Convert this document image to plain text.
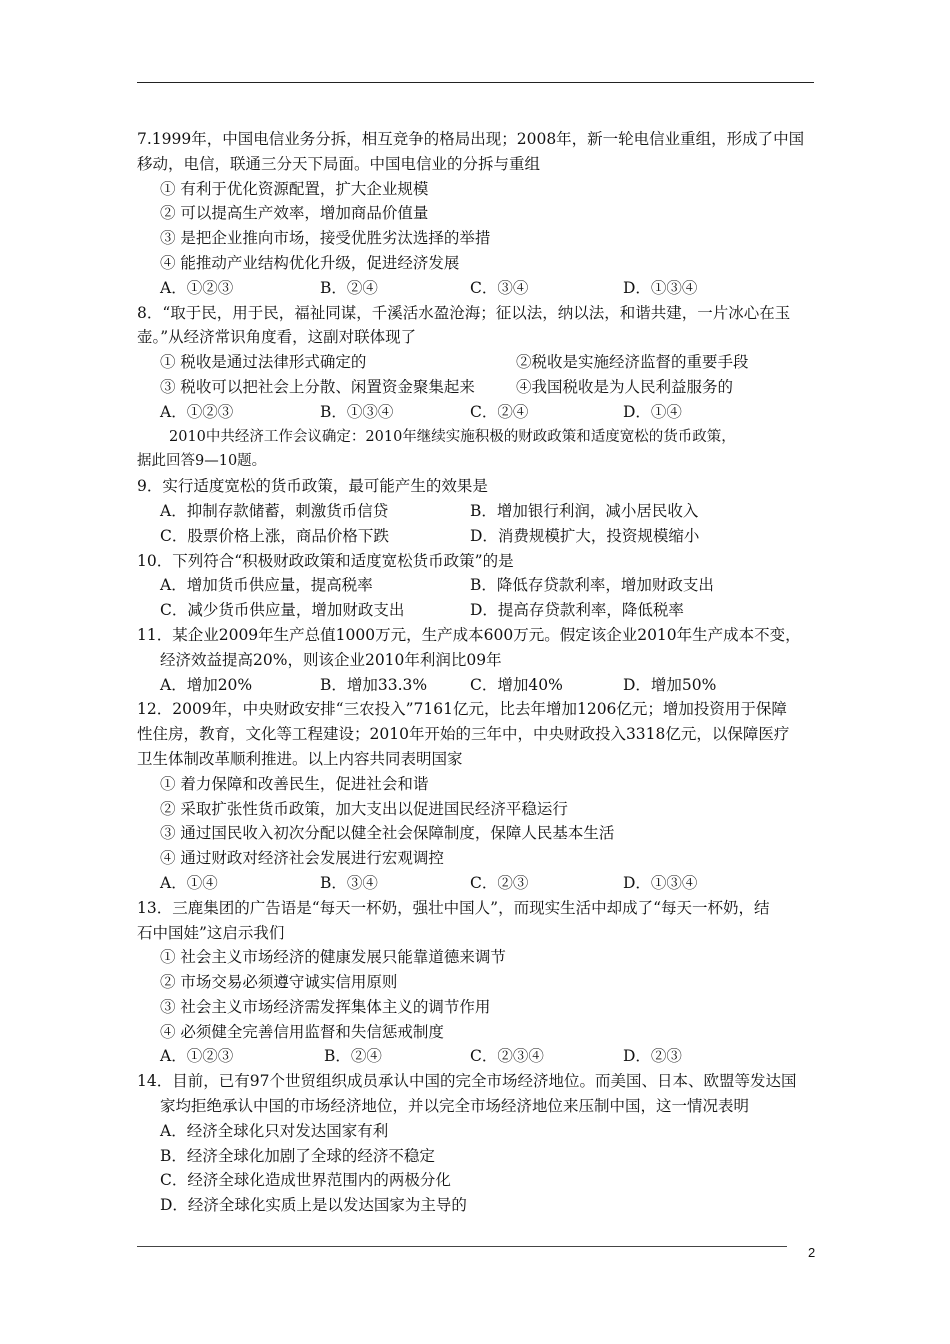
7.1999年，中国电信业务分拆，相互竞争的格局出现；2008年，新一轮电信业重组，形成了中国
移动，电信，联通三分天下局面。中国电信业的分拆与重组
① 有利于优化资源配置，扩大企业规模
② 可以提高生产效率，增加商品价值量
③ 是把企业推向市场，接受优胜劣汰选择的举措
④ 能推动产业结构优化升级，促进经济发展
A．①②③	B．②④	C．③④	D．①③④
8．“取于民，用于民，福祉同谋，千溪活水盈沧海；征以法，纳以法，和谐共建，一片冰心在玉
壶。”从经济常识角度看，这副对联体现了
① 税收是通过法律形式确定的	②税收是实施经济监督的重要手段
③ 税收可以把社会上分散、闲置资金聚集起来	④我国税收是为人民利益服务的
A．①②③	B．①③④	C．②④	D．①④
2010中共经济工作会议确定：2010年继续实施积极的财政政策和适度宽松的货币政策，
据此回答9—10题。
9．实行适度宽松的货币政策，最可能产生的效果是
A．抑制存款储蓄，刺激货币信贷	B．增加银行利润，减小居民收入
C．股票价格上涨，商品价格下跌	D．消费规模扩大，投资规模缩小
10．下列符合“积极财政政策和适度宽松货币政策”的是
A．增加货币供应量，提高税率	B．降低存贷款利率，增加财政支出
C．减少货币供应量，增加财政支出	D．提高存贷款利率，降低税率
11．某企业2009年生产总值1000万元，生产成本600万元。假定该企业2010年生产成本不变，
经济效益提高20%，则该企业2010年利润比09年
A．增加20%	B．增加33.3%	C．增加40%	D．增加50%
12．2009年，中央财政安排“三农投入”7161亿元，比去年增加1206亿元；增加投资用于保障
性住房，教育，文化等工程建设；2010年开始的三年中，中央财政投入3318亿元，以保障医疗
卫生体制改革顺利推进。以上内容共同表明国家
① 着力保障和改善民生，促进社会和谐
② 采取扩张性货币政策，加大支出以促进国民经济平稳运行
③ 通过国民收入初次分配以健全社会保障制度，保障人民基本生活
④ 通过财政对经济社会发展进行宏观调控
A．①④	B．③④	C．②③	D．①③④
13．三鹿集团的广告语是“每天一杯奶，强壮中国人”，而现实生活中却成了“每天一杯奶，结
石中国娃”这启示我们
① 社会主义市场经济的健康发展只能靠道德来调节
② 市场交易必须遵守诚实信用原则
③ 社会主义市场经济需发挥集体主义的调节作用
④ 必须健全完善信用监督和失信惩戒制度
A．①②③	B．②④	C．②③④	D．②③
14．目前，已有97个世贸组织成员承认中国的完全市场经济地位。而美国、日本、欧盟等发达国
家均拒绝承认中国的市场经济地位，并以完全市场经济地位来压制中国，这一情况表明
A．经济全球化只对发达国家有利
B．经济全球化加剧了全球的经济不稳定
C．经济全球化造成世界范围内的两极分化
D．经济全球化实质上是以发达国家为主导的
2
